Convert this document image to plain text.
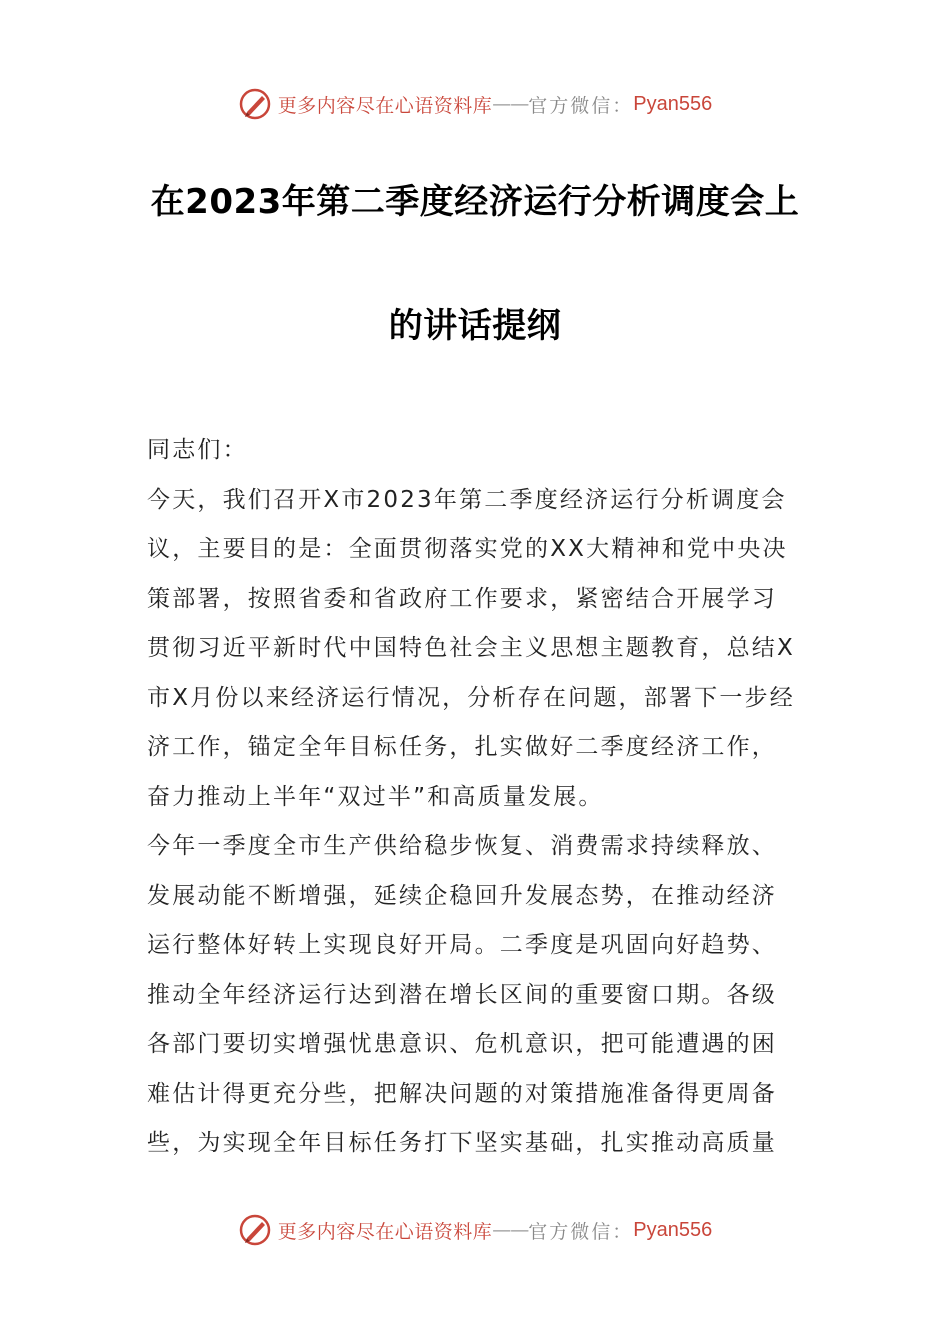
更多内容尽在心语资料库 —— 官方微信： Pyan556
在2023年第二季度经济运行分析调度会上
的讲话提纲
同志们：
今天，我们召开X市2023年第二季度经济运行分析调度会
议，主要目的是：全面贯彻落实党的XX大精神和党中央决
策部署，按照省委和省政府工作要求，紧密结合开展学习
贯彻习近平新时代中国特色社会主义思想主题教育，总结X
市X月份以来经济运行情况，分析存在问题，部署下一步经
济工作，锚定全年目标任务，扎实做好二季度经济工作，
奋力推动上半年“双过半”和高质量发展。
今年一季度全市生产供给稳步恢复、消费需求持续释放、
发展动能不断增强，延续企稳回升发展态势，在推动经济
运行整体好转上实现良好开局。二季度是巩固向好趋势、
推动全年经济运行达到潜在增长区间的重要窗口期。各级
各部门要切实增强忧患意识、危机意识，把可能遭遇的困
难估计得更充分些，把解决问题的对策措施准备得更周备
些，为实现全年目标任务打下坚实基础，扎实推动高质量
更多内容尽在心语资料库 —— 官方微信： Pyan556
